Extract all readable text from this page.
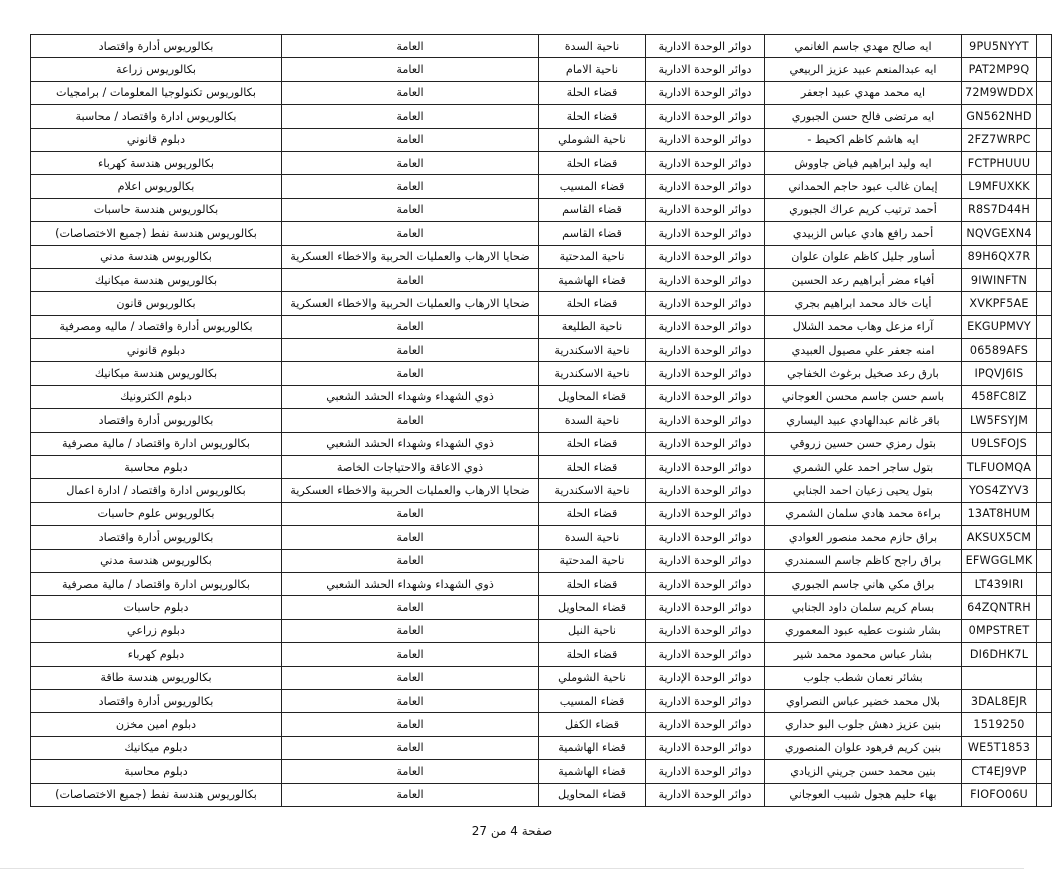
	9PU5NYYT	ايه صالح مهدي جاسم الغانمي	دوائر الوحدة الادارية	ناحية السدة	العامة	بكالوريوس أدارة واقتصاد
	PAT2MP9Q	ايه عبدالمنعم عبيد عزيز الربيعي	دوائر الوحدة الادارية	ناحية الامام	العامة	بكالوريوس زراعة
	72M9WDDX	ايه محمد مهدي عبيد اجعفر	دوائر الوحدة الادارية	قضاء الحلة	العامة	بكالوريوس تكنولوجيا المعلومات / برامجيات
	GN562NHD	ايه مرتضى فالح حسن الجبوري	دوائر الوحدة الادارية	قضاء الحلة	العامة	بكالوريوس ادارة واقتصاد / محاسبة
	2FZ7WRPC	ايه هاشم كاظم اكحيط -	دوائر الوحدة الادارية	ناحية الشوملي	العامة	دبلوم قانوني
	FCTPHUUU	ايه وليد ابراهيم فياض جاووش	دوائر الوحدة الادارية	قضاء الحلة	العامة	بكالوريوس هندسة كهرباء
	L9MFUXKK	إيمان غالب عبود حاجم الحمداني	دوائر الوحدة الادارية	قضاء المسيب	العامة	بكالوريوس اعلام
	R8S7D44H	أحمد ترتيب كريم عراك الجبوري	دوائر الوحدة الادارية	قضاء القاسم	العامة	بكالوريوس هندسة حاسبات
	NQVGEXN4	أحمد رافع هادي عباس الزبيدي	دوائر الوحدة الادارية	قضاء القاسم	العامة	بكالوريوس هندسة نفط (جميع الاختصاصات)
	89H6QX7R	أساور جليل كاظم علوان علوان	دوائر الوحدة الادارية	ناحية المدحتية	ضحايا الارهاب والعمليات الحربية والاخطاء العسكرية	بكالوريوس هندسة مدني
	9IWINFTN	أفياء مضر أبراهيم رعد الحسين	دوائر الوحدة الادارية	قضاء الهاشمية	العامة	بكالوريوس هندسة ميكانيك
	XVKPF5AE	أيات خالد محمد ابراهيم بجري	دوائر الوحدة الادارية	قضاء الحلة	ضحايا الارهاب والعمليات الحربية والاخطاء العسكرية	بكالوريوس قانون
	EKGUPMVY	آراء مزعل وهاب محمد الشلال	دوائر الوحدة الادارية	ناحية الطليعة	العامة	بكالوريوس أدارة واقتصاد / ماليه ومصرفية
	06589AFS	امنه جعفر علي مصيول العبيدي	دوائر الوحدة الادارية	ناحية الاسكندرية	العامة	دبلوم قانوني
	IPQVJ6IS	بارق رعد صخيل برغوث الخفاجي	دوائر الوحدة الادارية	ناحية الاسكندرية	العامة	بكالوريوس هندسة ميكانيك
	458FC8IZ	باسم حسن جاسم محسن العوجاني	دوائر الوحدة الادارية	قضاء المحاويل	ذوي الشهداء وشهداء الحشد الشعبي	دبلوم الكترونيك
	LW5FSYJM	باقر غانم عبدالهادي عبيد اليساري	دوائر الوحدة الادارية	ناحية السدة	العامة	بكالوريوس أدارة واقتصاد
	U9LSFOJS	بتول رمزي حسن حسين زروقي	دوائر الوحدة الادارية	قضاء الحلة	ذوي الشهداء وشهداء الحشد الشعبي	بكالوريوس ادارة واقتصاد / مالية مصرفية
	TLFUOMQA	بتول ساجر احمد علي الشمري	دوائر الوحدة الادارية	قضاء الحلة	ذوي الاعاقة والاحتياجات الخاصة	دبلوم محاسبة
	YOS4ZYV3	بتول يحيى زعيان احمد الجنابي	دوائر الوحدة الادارية	ناحية الاسكندرية	ضحايا الارهاب والعمليات الحربية والاخطاء العسكرية	بكالوريوس ادارة واقتصاد / ادارة اعمال
	13AT8HUM	براءة محمد هادي سلمان الشمري	دوائر الوحدة الادارية	قضاء الحلة	العامة	بكالوريوس علوم حاسبات
	AKSUX5CM	براق حازم محمد منصور العوادي	دوائر الوحدة الادارية	ناحية السدة	العامة	بكالوريوس أدارة واقتصاد
	EFWGGLMK	براق راجح كاظم جاسم السمندري	دوائر الوحدة الادارية	ناحية المدحتية	العامة	بكالوريوس هندسة مدني
	LT439IRI	براق مكي هاني جاسم الجبوري	دوائر الوحدة الادارية	قضاء الحلة	ذوي الشهداء وشهداء الحشد الشعبي	بكالوريوس ادارة واقتصاد / مالية مصرفية
	64ZQNTRH	بسام كريم سلمان داود الجنابي	دوائر الوحدة الادارية	قضاء المحاويل	العامة	دبلوم حاسبات
	0MPSTRET	بشار شنوت عطيه عبود المعموري	دوائر الوحدة الادارية	ناحية النيل	العامة	دبلوم زراعي
	DI6DHK7L	بشار عباس محمود محمد شير	دوائر الوحدة الادارية	قضاء الحلة	العامة	دبلوم كهرباء
		بشائر نعمان شطب جلوب	دوائر الوحدة الإدارية	ناحية الشوملي	العامة	بكالوريوس هندسة طاقة
	3DAL8EJR	بلال محمد خضير عباس النصراوي	دوائر الوحدة الادارية	قضاء المسيب	العامة	بكالوريوس أدارة واقتصاد
	1519250	بنين عزيز دهش جلوب البو حداري	دوائر الوحدة الادارية	قضاء الكفل	العامة	دبلوم امين مخزن
	WE5T1853	بنين كريم فرهود علوان المنصوري	دوائر الوحدة الادارية	قضاء الهاشمية	العامة	دبلوم ميكانيك
	CT4EJ9VP	بنين محمد حسن جريني الزيادي	دوائر الوحدة الادارية	قضاء الهاشمية	العامة	دبلوم محاسبة
	FIOFO06U	بهاء حليم هجول شبيب العوجاني	دوائر الوحدة الادارية	قضاء المحاويل	العامة	بكالوريوس هندسة نفط (جميع الاختصاصات)
صفحة 4 من 27
